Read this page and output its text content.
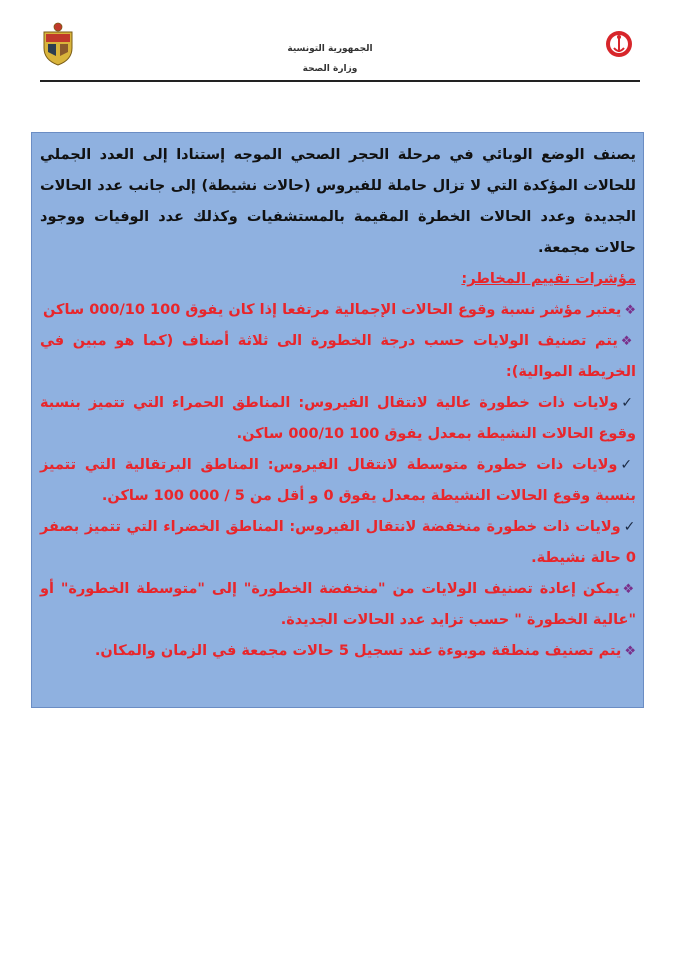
الجمهورية التونسية
وزارة الصحة

يصنف الوضع الوبائي في مرحلة الحجر الصحي الموجه إستنادا إلى العدد الجملي للحالات المؤكدة التي لا تزال حاملة للفيروس (حالات نشيطة) إلى جانب عدد الحالات الجديدة وعدد الحالات الخطرة المقيمة بالمستشفيات وكذلك عدد الوفيات ووجود حالات مجمعة.

مؤشرات تقييم المخاطر:

❖يعتبر مؤشر نسبة وقوع الحالات الإجمالية مرتفعا إذا كان يفوق 100 000/10 ساكن

❖يتم تصنيف الولايات حسب درجة الخطورة الى ثلاثة أصناف (كما هو مبين في الخريطة الموالية):

✓ولايات ذات خطورة عالية لانتقال الفيروس: المناطق الحمراء التي تتميز بنسبة وقوع الحالات النشيطة بمعدل يفوق 100 000/10 ساكن.

✓ولايات ذات خطورة متوسطة لانتقال الفيروس: المناطق البرتقالية التي تتميز بنسبة وقوع الحالات النشيطة بمعدل يفوق 0 و أقل من 5 / 000 100 ساكن.

✓ولايات ذات خطورة منخفضة لانتقال الفيروس: المناطق الخضراء التي تتميز بصفر 0 حالة نشيطة.

❖يمكن إعادة تصنيف الولايات من "منخفضة الخطورة" إلى "متوسطة الخطورة" أو "عالية الخطورة " حسب تزايد عدد الحالات الجديدة.

❖يتم تصنيف منطقة موبوءة عند تسجيل 5 حالات مجمعة في الزمان والمكان.
